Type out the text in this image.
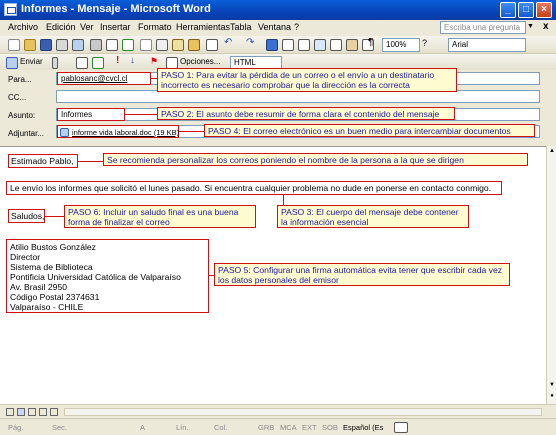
Informes - Mensaje - Microsoft Word	_	□	×
Archivo Edición Ver Insertar Formato Herramientas Tabla Ventana ?	Escriba una pregunta ▼ x
↶ ↷	¶	100%	?	Arial
Enviar	! ↓ ⚑	Opciones...	HTML
Para...	pablosanc@cvcl.cl
CC...
Asunto:	Informes
Adjuntar...	informe vida laboral.doc (19 KB)
PASO 1: Para evitar la pérdida de un correo o el envío a un destinatario incorrecto es necesario comprobar que la dirección es la correcta
PASO 2: El asunto debe resumir de forma clara el contenido del mensaje
PASO 4: El correo electrónico es un buen medio para intercambiar documentos
Estimado Pablo,	Se recomienda personalizar los correos poniendo el nombre de la persona a la que se dirigen
Le envío los informes que solicitó el lunes pasado. Si encuentra cualquier problema no dude en ponerse en contacto conmigo.
PASO 3: El cuerpo del mensaje debe contener la información esencial
Saludos,	PASO 6: Incluir un saludo final es una buena forma de finalizar el correo
Atilio Bustos González
Director
Sistema de Biblioteca
Pontificia Universidad Católica de Valparaíso
Av. Brasil 2950
Código Postal 2374631
Valparaíso - CHILE
PASO 5: Configurar una firma automática evita tener que escribir cada vez los datos personales del emisor
▲
▼
●
Pág.	Sec.	A	Lín.	Col.	GRB MCA EXT SOB Español (Es
